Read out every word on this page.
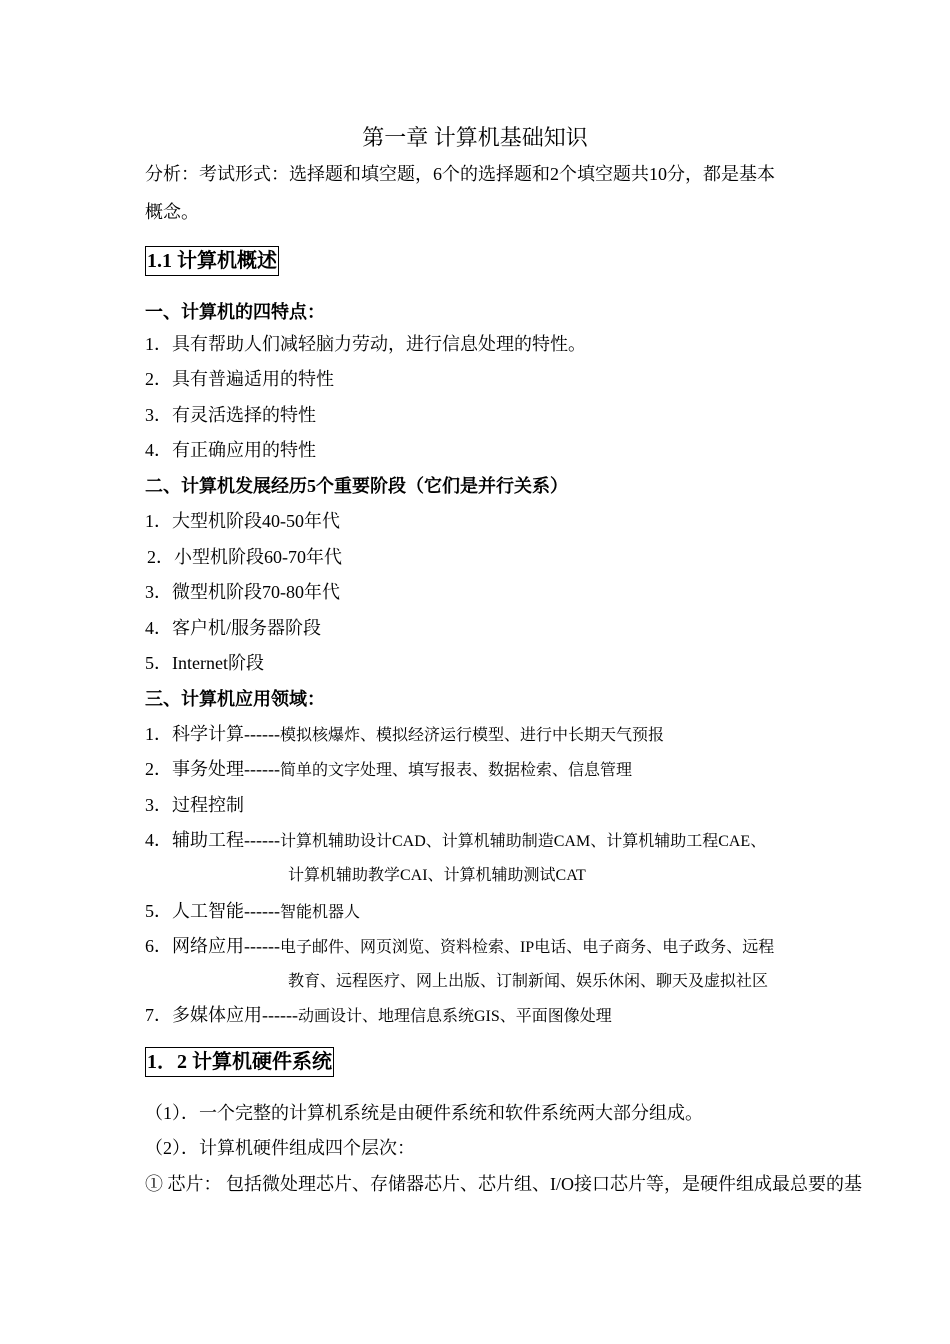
第一章 计算机基础知识
分析：考试形式：选择题和填空题，6个的选择题和2个填空题共10分，都是基本
概念。
1.1 计算机概述
一、计算机的四特点：
1．具有帮助人们减轻脑力劳动，进行信息处理的特性。
2．具有普遍适用的特性
3．有灵活选择的特性
4．有正确应用的特性
二、计算机发展经历5个重要阶段（它们是并行关系）
1．大型机阶段40-50年代
2．小型机阶段60-70年代
3．微型机阶段70-80年代
4．客户机/服务器阶段
5．Internet阶段
三、计算机应用领域：
1．科学计算------模拟核爆炸、模拟经济运行模型、进行中长期天气预报
2．事务处理------简单的文字处理、填写报表、数据检索、信息管理
3．过程控制
4．辅助工程------计算机辅助设计CAD、计算机辅助制造CAM、计算机辅助工程CAE、
计算机辅助教学CAI、计算机辅助测试CAT
5．人工智能------智能机器人
6．网络应用------电子邮件、网页浏览、资料检索、IP电话、电子商务、电子政务、远程
教育、远程医疗、网上出版、订制新闻、娱乐休闲、聊天及虚拟社区
7．多媒体应用------动画设计、地理信息系统GIS、平面图像处理
1．2 计算机硬件系统
（1）．一个完整的计算机系统是由硬件系统和软件系统两大部分组成。
（2）．计算机硬件组成四个层次：
① 芯片： 包括微处理芯片、存储器芯片、芯片组、I/O接口芯片等，是硬件组成最总要的基
